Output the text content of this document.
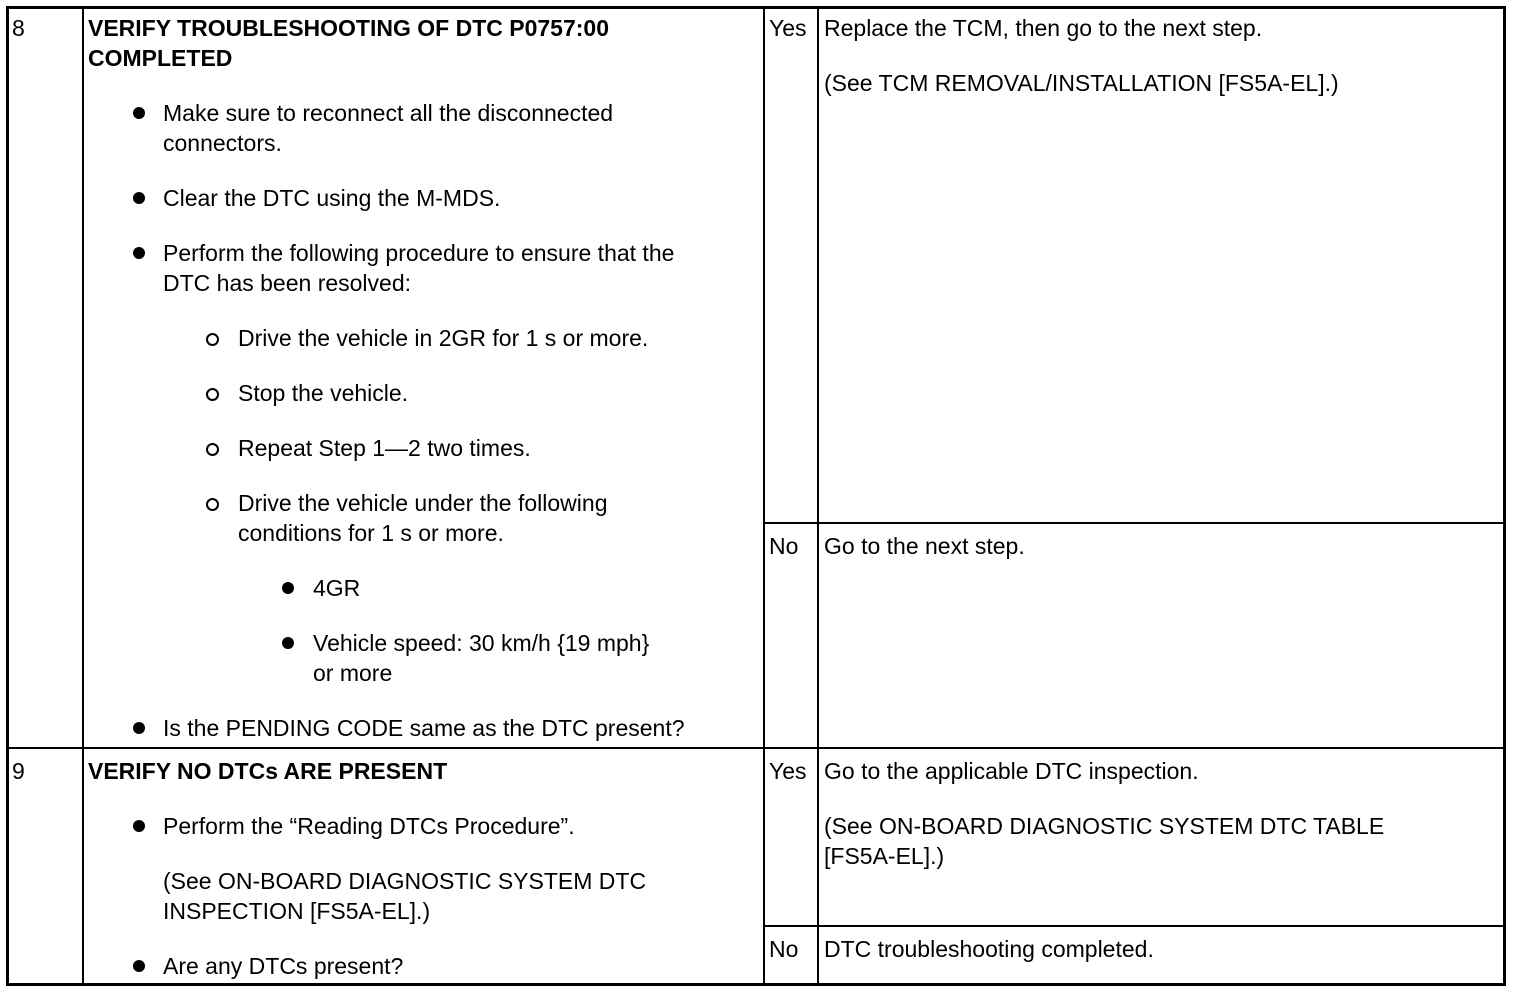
8	VERIFY TROUBLESHOOTING OF DTC P0757:00
COMPLETED
Make sure to reconnect all the disconnected
connectors.
Clear the DTC using the M-MDS.
Perform the following procedure to ensure that the
DTC has been resolved:
Drive the vehicle in 2GR for 1 s or more.
Stop the vehicle.
Repeat Step 1—2 two times.
Drive the vehicle under the following
conditions for 1 s or more.
4GR
Vehicle speed: 30 km/h {19 mph}
or more
Is the PENDING CODE same as the DTC present?
Yes Replace the TCM, then go to the next step.
(See TCM REMOVAL/INSTALLATION [FS5A-EL].)
No Go to the next step.
9	VERIFY NO DTCs ARE PRESENT
Perform the “Reading DTCs Procedure”.
(See ON-BOARD DIAGNOSTIC SYSTEM DTC
INSPECTION [FS5A-EL].)
Are any DTCs present?
Yes Go to the applicable DTC inspection.
(See ON-BOARD DIAGNOSTIC SYSTEM DTC TABLE
[FS5A-EL].)
No DTC troubleshooting completed.
